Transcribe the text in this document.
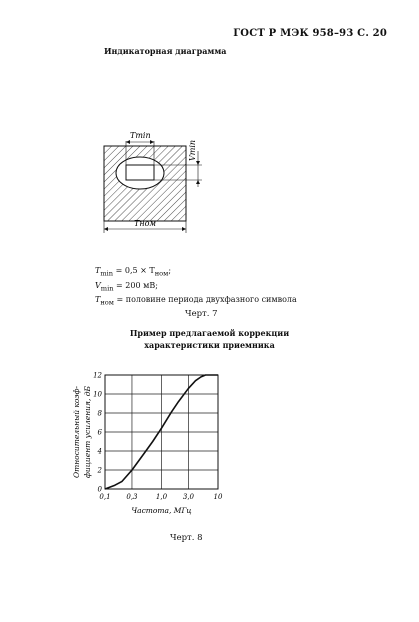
ГОСТ Р МЭК 958–93 С. 20
Индикаторная диаграмма
Tmin
Vmin
Tном
$T_{min} = 0,5 \times T_{ном}$;
$V_{min} = 200$ мВ;
$T_{ном}$ = половине периода двухфазного символа
Черт. 7
Пример предлагаемой коррекции
характеристики приемника
0,1 0,3	1,0 3,0	10
0
2
4
6
8
10
12
Частота, МГц
Относительный коэф- фициент усиления, дБ
Черт. 8
